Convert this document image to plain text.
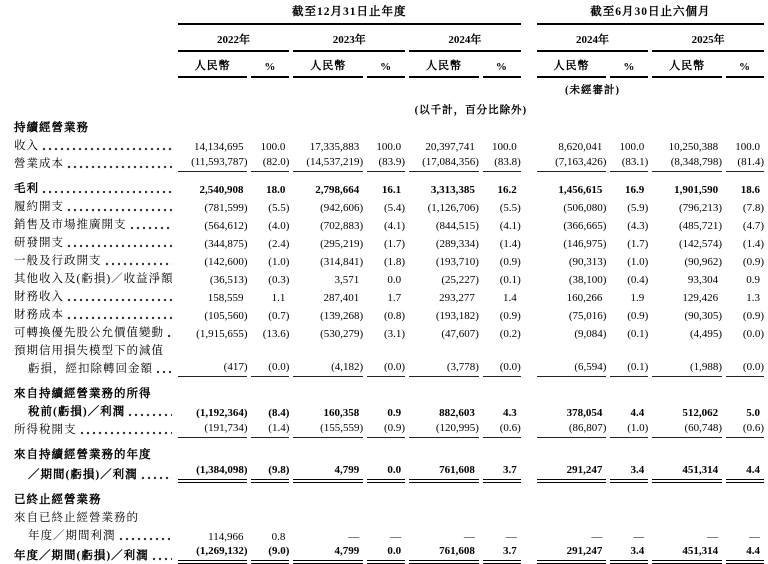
	截至12月31日止年度							截至6月30日止六個月			
	2022年		2023年		2024年			2024年		2025年	
	人民幣	%	人民幣	%	人民幣	%		人民幣	%	人民幣	%
								(未經審計)			
	(以千計，百分比除外)										

持續經營業務											

收入	14,134,695	100.0	17,335,883	100.0	20,397,741	100.0		8,620,041	100.0	10,250,388	100.0

營業成本	(11,593,787)	(82.0)	(14,537,219)	(83.9)	(17,084,356)	(83.8)		(7,163,426)	(83.1)	(8,348,798)	(81.4)

毛利	2,540,908	18.0	2,798,664	16.1	3,313,385	16.2		1,456,615	16.9	1,901,590	18.6

履約開支	(781,599)	(5.5)	(942,606)	(5.4)	(1,126,706)	(5.5)		(506,080)	(5.9)	(796,213)	(7.8)

銷售及市場推廣開支	(564,612)	(4.0)	(702,883)	(4.1)	(844,515)	(4.1)		(366,665)	(4.3)	(485,721)	(4.7)

研發開支	(344,875)	(2.4)	(295,219)	(1.7)	(289,334)	(1.4)		(146,975)	(1.7)	(142,574)	(1.4)

一般及行政開支	(142,600)	(1.0)	(314,841)	(1.8)	(193,710)	(0.9)		(90,313)	(1.0)	(90,962)	(0.9)

其他收入及(虧損)／收益淨額	(36,513)	(0.3)	3,571	0.0	(25,227)	(0.1)		(38,100)	(0.4)	93,304	0.9

財務收入	158,559	1.1	287,401	1.7	293,277	1.4		160,266	1.9	129,426	1.3

財務成本	(105,560)	(0.7)	(139,268)	(0.8)	(193,182)	(0.9)		(75,016)	(0.9)	(90,305)	(0.9)

可轉換優先股公允價值變動	(1,915,655)	(13.6)	(530,279)	(3.1)	(47,607)	(0.2)		(9,084)	(0.1)	(4,495)	(0.0)

預期信用損失模型下的減值											

虧損，經扣除轉回金額	(417)	(0.0)	(4,182)	(0.0)	(3,778)	(0.0)		(6,594)	(0.1)	(1,988)	(0.0)

來自持續經營業務的所得											

稅前(虧損)／利潤	(1,192,364)	(8.4)	160,358	0.9	882,603	4.3		378,054	4.4	512,062	5.0

所得稅開支	(191,734)	(1.4)	(155,559)	(0.9)	(120,995)	(0.6)		(86,807)	(1.0)	(60,748)	(0.6)

來自持續經營業務的年度											

／期間(虧損)／利潤	(1,384,098)	(9.8)	4,799	0.0	761,608	3.7		291,247	3.4	451,314	4.4

已終止經營業務											

來自已終止經營業務的											

年度／期間利潤	114,966	0.8	—	—	—	—		—	—	—	—

年度／期間(虧損)／利潤	(1,269,132)	(9.0)	4,799	0.0	761,608	3.7		291,247	3.4	451,314	4.4
